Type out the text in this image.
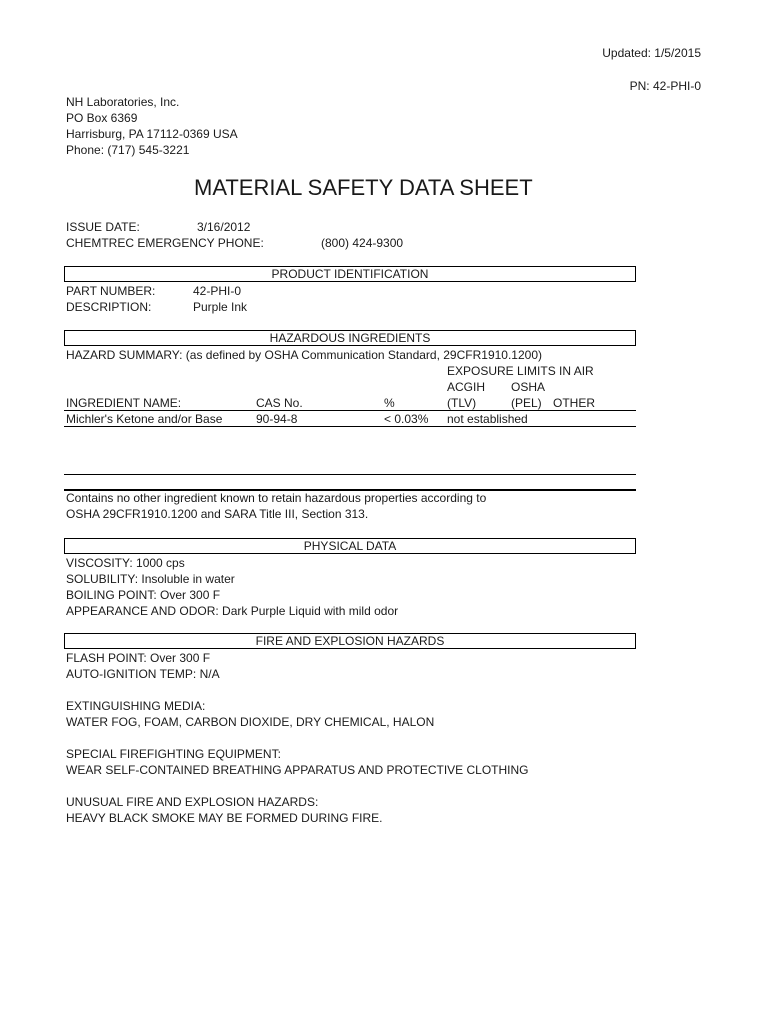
Updated: 1/5/2015
PN: 42-PHI-0
NH Laboratories, Inc.
PO Box 6369
Harrisburg, PA 17112-0369 USA
Phone: (717) 545-3221
MATERIAL SAFETY DATA SHEET
ISSUE DATE:	3/16/2012
CHEMTREC EMERGENCY PHONE:	(800) 424-9300
PRODUCT IDENTIFICATION
PART NUMBER:	42-PHI-0
DESCRIPTION:	Purple Ink
HAZARDOUS INGREDIENTS
HAZARD SUMMARY: (as defined by OSHA Communication Standard, 29CFR1910.1200)
EXPOSURE LIMITS IN AIR
ACGIH OSHA
INGREDIENT NAME:	CAS No.	%	(TLV)	(PEL) OTHER
Michler's Ketone and/or Base	90-94-8	< 0.03% not established
Contains no other ingredient known to retain hazardous properties according to
OSHA 29CFR1910.1200 and SARA Title III, Section 313.
PHYSICAL DATA
VISCOSITY: 1000 cps
SOLUBILITY: Insoluble in water
BOILING POINT: Over 300 F
APPEARANCE AND ODOR: Dark Purple Liquid with mild odor
FIRE AND EXPLOSION HAZARDS
FLASH POINT: Over 300 F
AUTO-IGNITION TEMP: N/A
EXTINGUISHING MEDIA:
WATER FOG, FOAM, CARBON DIOXIDE, DRY CHEMICAL, HALON
SPECIAL FIREFIGHTING EQUIPMENT:
WEAR SELF-CONTAINED BREATHING APPARATUS AND PROTECTIVE CLOTHING
UNUSUAL FIRE AND EXPLOSION HAZARDS:
HEAVY BLACK SMOKE MAY BE FORMED DURING FIRE.
